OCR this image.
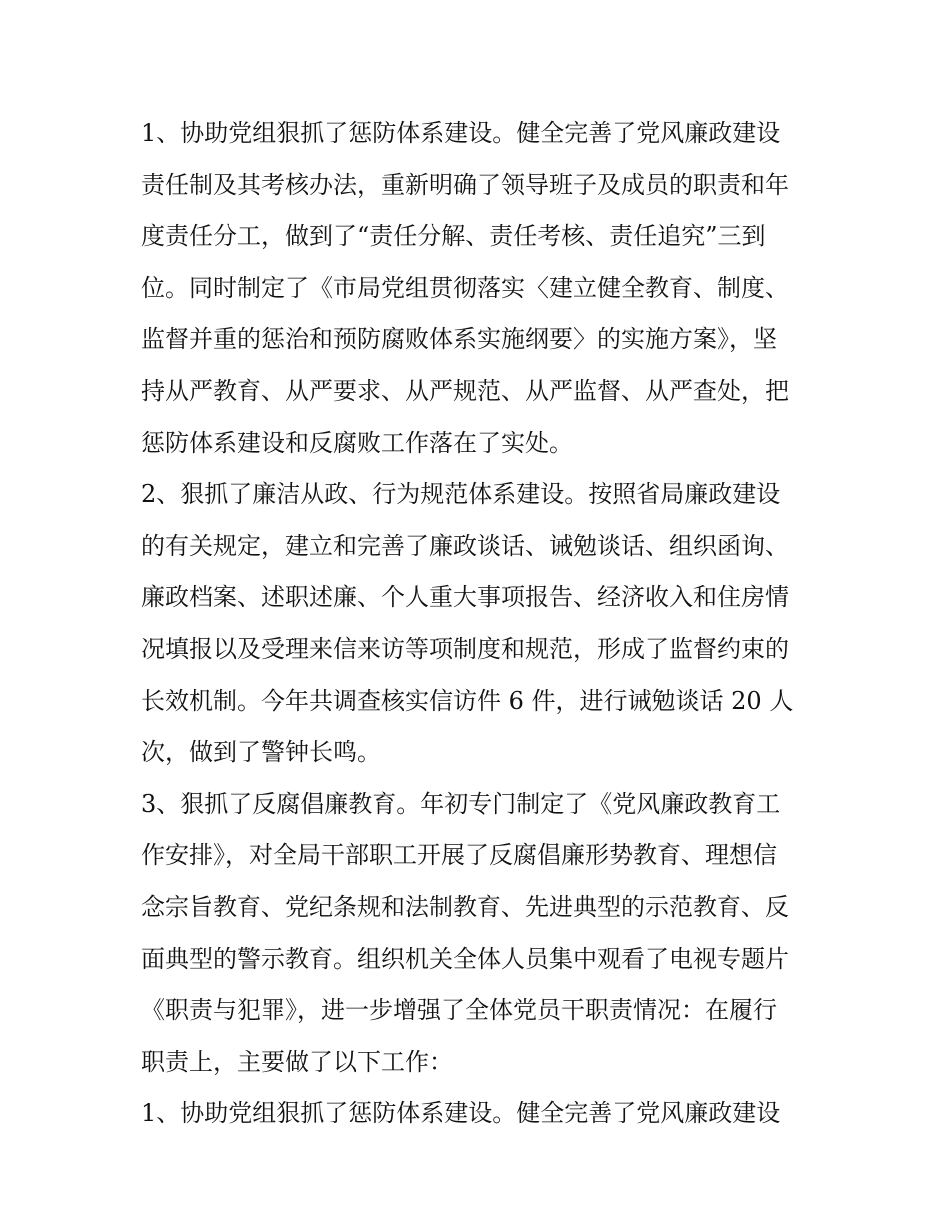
1、协助党组狠抓了惩防体系建设。健全完善了党风廉政建设
责任制及其考核办法，重新明确了领导班子及成员的职责和年
度责任分工，做到了“责任分解、责任考核、责任追究”三到
位。同时制定了《市局党组贯彻落实〈建立健全教育、制度、
监督并重的惩治和预防腐败体系实施纲要〉的实施方案》，坚
持从严教育、从严要求、从严规范、从严监督、从严查处，把
惩防体系建设和反腐败工作落在了实处。
2、狠抓了廉洁从政、行为规范体系建设。按照省局廉政建设
的有关规定，建立和完善了廉政谈话、诫勉谈话、组织函询、
廉政档案、述职述廉、个人重大事项报告、经济收入和住房情
况填报以及受理来信来访等项制度和规范，形成了监督约束的
长效机制。今年共调查核实信访件 6 件，进行诫勉谈话 20 人
次，做到了警钟长鸣。
3、狠抓了反腐倡廉教育。年初专门制定了《党风廉政教育工
作安排》，对全局干部职工开展了反腐倡廉形势教育、理想信
念宗旨教育、党纪条规和法制教育、先进典型的示范教育、反
面典型的警示教育。组织机关全体人员集中观看了电视专题片
《职责与犯罪》，进一步增强了全体党员干职责情况：在履行
职责上，主要做了以下工作：
1、协助党组狠抓了惩防体系建设。健全完善了党风廉政建设
